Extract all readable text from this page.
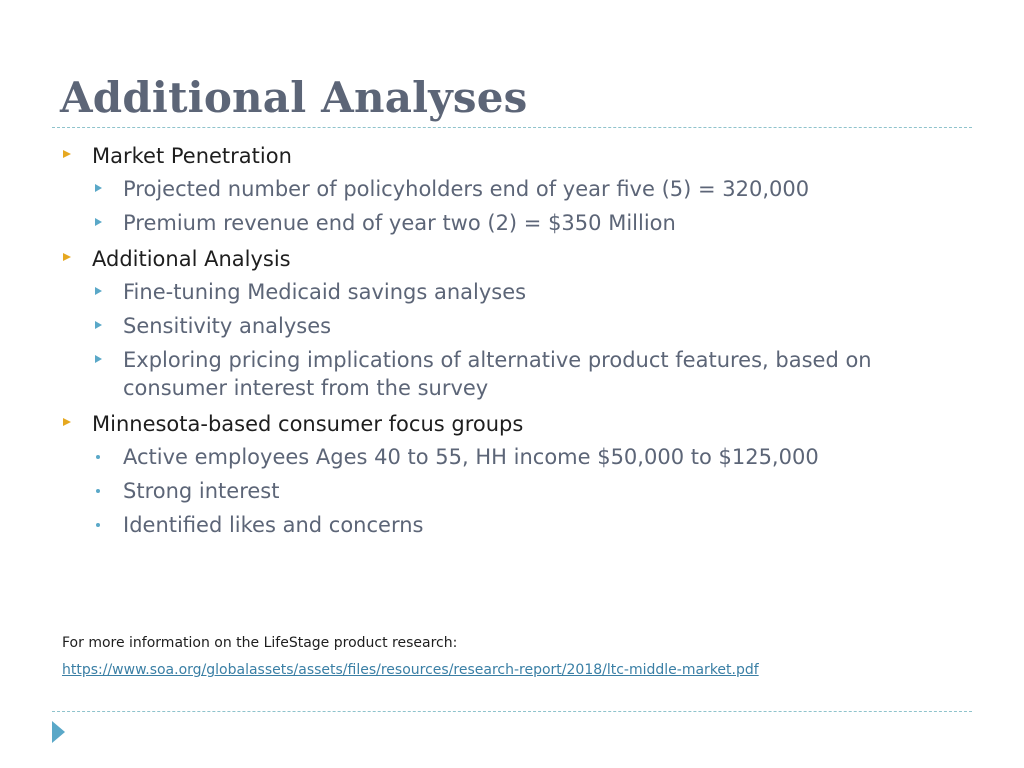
Additional Analyses
Market Penetration
Projected number of policyholders end of year five (5) = 320,000
Premium revenue end of year two (2) = $350 Million
Additional Analysis
Fine-tuning Medicaid savings analyses
Sensitivity analyses
Exploring pricing implications of alternative product features, based on consumer interest from the survey
Minnesota-based consumer focus groups
Active employees Ages 40 to 55, HH income $50,000 to $125,000
Strong interest
Identified likes and concerns
For more information on the LifeStage product research:
https://www.soa.org/globalassets/assets/files/resources/research-report/2018/ltc-middle-market.pdf
